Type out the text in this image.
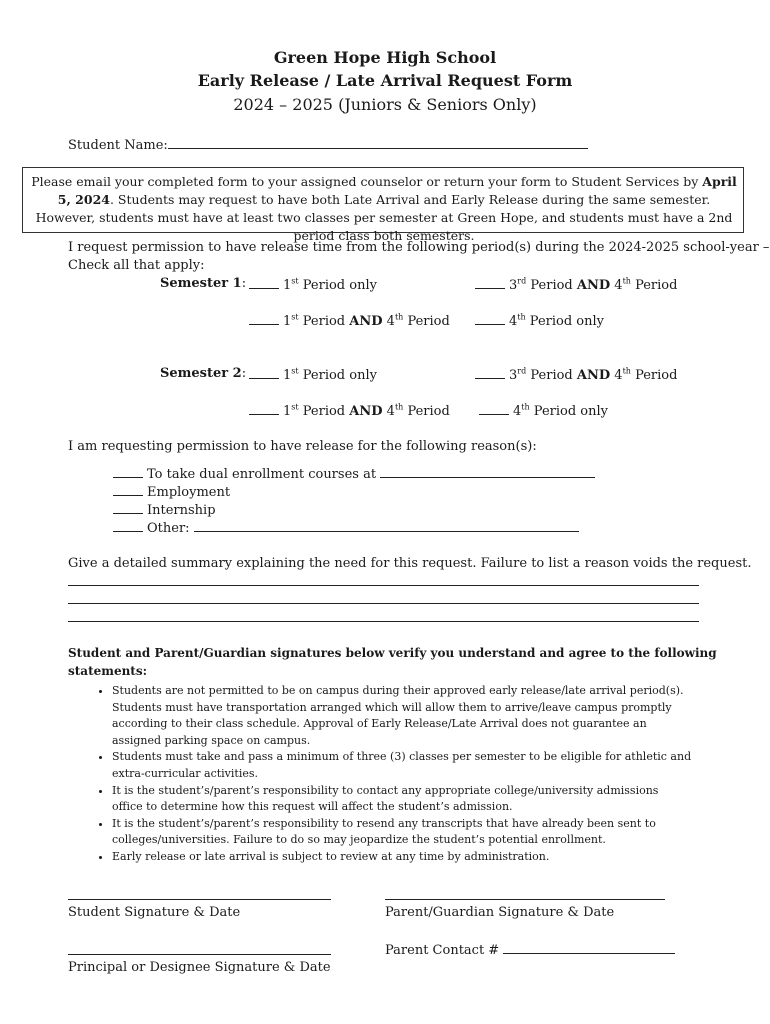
Green Hope High School
Early Release / Late Arrival Request Form
2024 – 2025 (Juniors & Seniors Only)
Student Name:

Please email your completed form to your assigned counselor or return your form to Student Services by April 5, 2024. Students may request to have both Late Arrival and Early Release during the same semester. However, students must have at least two classes per semester at Green Hope, and students must have a 2nd period class both semesters.

I request permission to have release time from the following period(s) during the 2024-2025 school-year –
Check all that apply:
Semester 1:	1st Period only	3rd Period AND 4th Period
1st Period AND 4th Period	4th Period only
Semester 2:	1st Period only	3rd Period AND 4th Period
1st Period AND 4th Period	4th Period only
I am requesting permission to have release for the following reason(s):
To take dual enrollment courses at
Employment
Internship
Other:
Give a detailed summary explaining the need for this request. Failure to list a reason voids the request.
Student and Parent/Guardian signatures below verify you understand and agree to the following
statements:
• Students are not permitted to be on campus during their approved early release/late arrival period(s). Students must have transportation arranged which will allow them to arrive/leave campus promptly according to their class schedule. Approval of Early Release/Late Arrival does not guarantee an assigned parking space on campus.
• Students must take and pass a minimum of three (3) classes per semester to be eligible for athletic and extra-curricular activities.
• It is the student’s/parent’s responsibility to contact any appropriate college/university admissions office to determine how this request will affect the student’s admission.
• It is the student’s/parent’s responsibility to resend any transcripts that have already been sent to colleges/universities. Failure to do so may jeopardize the student’s potential enrollment.
• Early release or late arrival is subject to review at any time by administration.
Student Signature & Date	Parent/Guardian Signature & Date
Principal or Designee Signature & Date
Parent Contact #
